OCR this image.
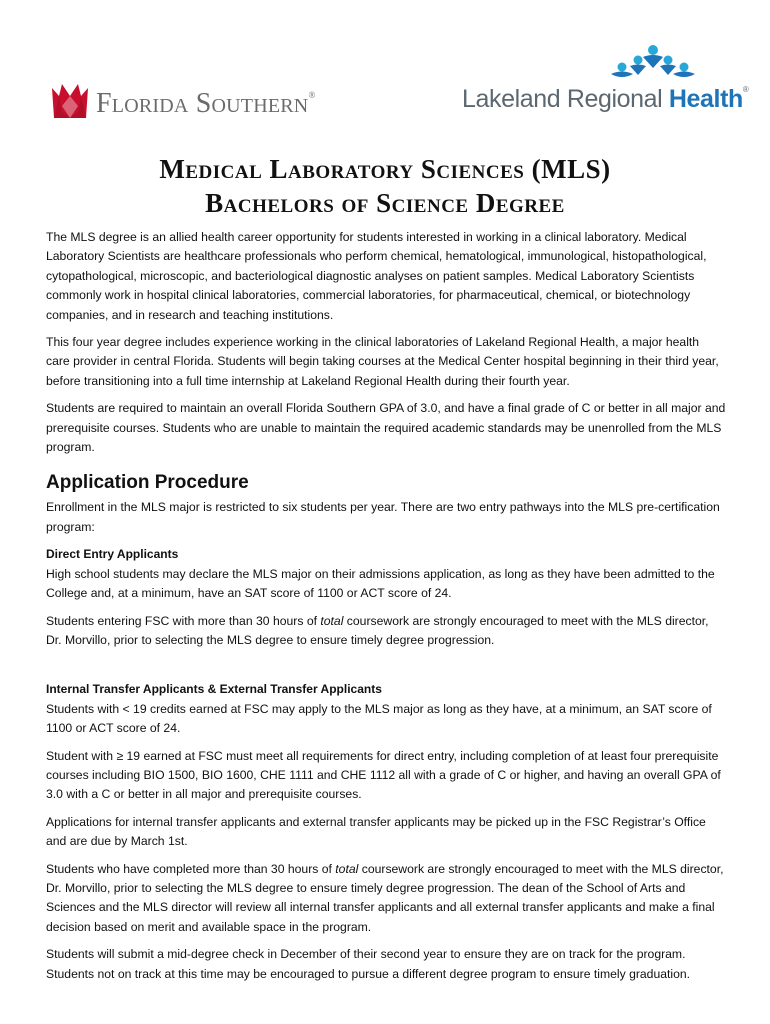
Florida Southern®	Lakeland Regional Health®
Medical Laboratory Sciences (MLS)
Bachelors of Science Degree

The MLS degree is an allied health career opportunity for students interested in working in a clinical laboratory. Medical Laboratory Scientists are healthcare professionals who perform chemical, hematological, immunological, histopathological, cytopathological, microscopic, and bacteriological diagnostic analyses on patient samples. Medical Laboratory Scientists commonly work in hospital clinical laboratories, commercial laboratories, for pharmaceutical, chemical, or biotechnology companies, and in research and teaching institutions.

This four year degree includes experience working in the clinical laboratories of Lakeland Regional Health, a major health care provider in central Florida. Students will begin taking courses at the Medical Center hospital beginning in their third year, before transitioning into a full time internship at Lakeland Regional Health during their fourth year.

Students are required to maintain an overall Florida Southern GPA of 3.0, and have a final grade of C or better in all major and prerequisite courses. Students who are unable to maintain the required academic standards may be unenrolled from the MLS program.

Application Procedure

Enrollment in the MLS major is restricted to six students per year. There are two entry pathways into the MLS pre-certification program:

Direct Entry Applicants

High school students may declare the MLS major on their admissions application, as long as they have been admitted to the College and, at a minimum, have an SAT score of 1100 or ACT score of 24.

Students entering FSC with more than 30 hours of total coursework are strongly encouraged to meet with the MLS director, Dr. Morvillo, prior to selecting the MLS degree to ensure timely degree progression.

Internal Transfer Applicants & External Transfer Applicants

Students with < 19 credits earned at FSC may apply to the MLS major as long as they have, at a minimum, an SAT score of 1100 or ACT score of 24.

Student with ≥ 19 earned at FSC must meet all requirements for direct entry, including completion of at least four prerequisite courses including BIO 1500, BIO 1600, CHE 1111 and CHE 1112 all with a grade of C or higher, and having an overall GPA of 3.0 with a C or better in all major and prerequisite courses.

Applications for internal transfer applicants and external transfer applicants may be picked up in the FSC Registrar’s Office and are due by March 1st.

Students who have completed more than 30 hours of total coursework are strongly encouraged to meet with the MLS director, Dr. Morvillo, prior to selecting the MLS degree to ensure timely degree progression. The dean of the School of Arts and Sciences and the MLS director will review all internal transfer applicants and all external transfer applicants and make a final decision based on merit and available space in the program.

Students will submit a mid-degree check in December of their second year to ensure they are on track for the program. Students not on track at this time may be encouraged to pursue a different degree program to ensure timely graduation.
